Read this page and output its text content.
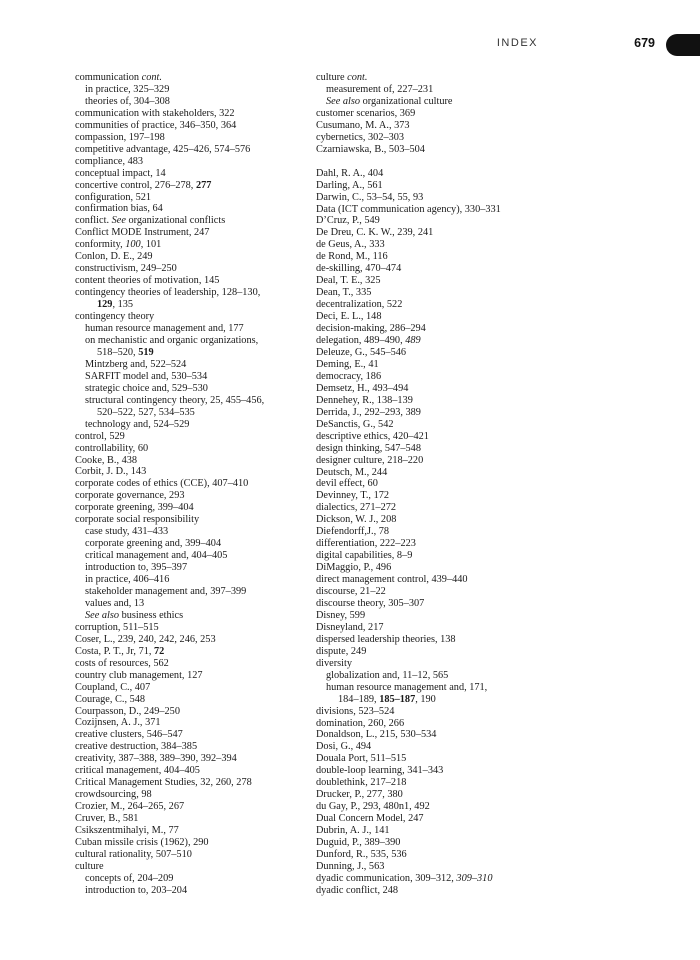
INDEX	679
communication cont.
in practice, 325–329
theories of, 304–308
communication with stakeholders, 322
communities of practice, 346–350, 364
compassion, 197–198
competitive advantage, 425–426, 574–576
compliance, 483
conceptual impact, 14
concertive control, 276–278, 277
configuration, 521
confirmation bias, 64
conflict. See organizational conflicts
Conflict MODE Instrument, 247
conformity, 100, 101
Conlon, D. E., 249
constructivism, 249–250
content theories of motivation, 145
contingency theories of leadership, 128–130,
129, 135
contingency theory
human resource management and, 177
on mechanistic and organic organizations,
518–520, 519
Mintzberg and, 522–524
SARFIT model and, 530–534
strategic choice and, 529–530
structural contingency theory, 25, 455–456,
520–522, 527, 534–535
technology and, 524–529
control, 529
controllability, 60
Cooke, B., 438
Corbit, J. D., 143
corporate codes of ethics (CCE), 407–410
corporate governance, 293
corporate greening, 399–404
corporate social responsibility
case study, 431–433
corporate greening and, 399–404
critical management and, 404–405
introduction to, 395–397
in practice, 406–416
stakeholder management and, 397–399
values and, 13
See also business ethics
corruption, 511–515
Coser, L., 239, 240, 242, 246, 253
Costa, P. T., Jr, 71, 72
costs of resources, 562
country club management, 127
Coupland, C., 407
Courage, C., 548
Courpasson, D., 249–250
Cozijnsen, A. J., 371
creative clusters, 546–547
creative destruction, 384–385
creativity, 387–388, 389–390, 392–394
critical management, 404–405
Critical Management Studies, 32, 260, 278
crowdsourcing, 98
Crozier, M., 264–265, 267
Cruver, B., 581
Csikszentmihalyi, M., 77
Cuban missile crisis (1962), 290
cultural rationality, 507–510
culture
concepts of, 204–209
introduction to, 203–204
culture cont.
measurement of, 227–231
See also organizational culture
customer scenarios, 369
Cusumano, M. A., 373
cybernetics, 302–303
Czarniawska, B., 503–504
Dahl, R. A., 404
Darling, A., 561
Darwin, C., 53–54, 55, 93
Data (ICT communication agency), 330–331
D’Cruz, P., 549
De Dreu, C. K. W., 239, 241
de Geus, A., 333
de Rond, M., 116
de-skilling, 470–474
Deal, T. E., 325
Dean, T., 335
decentralization, 522
Deci, E. L., 148
decision-making, 286–294
delegation, 489–490, 489
Deleuze, G., 545–546
Deming, E., 41
democracy, 186
Demsetz, H., 493–494
Dennehey, R., 138–139
Derrida, J., 292–293, 389
DeSanctis, G., 542
descriptive ethics, 420–421
design thinking, 547–548
designer culture, 218–220
Deutsch, M., 244
devil effect, 60
Devinney, T., 172
dialectics, 271–272
Dickson, W. J., 208
Diefendorff,J., 78
differentiation, 222–223
digital capabilities, 8–9
DiMaggio, P., 496
direct management control, 439–440
discourse, 21–22
discourse theory, 305–307
Disney, 599
Disneyland, 217
dispersed leadership theories, 138
dispute, 249
diversity
globalization and, 11–12, 565
human resource management and, 171,
184–189, 185–187, 190
divisions, 523–524
domination, 260, 266
Donaldson, L., 215, 530–534
Dosi, G., 494
Douala Port, 511–515
double-loop learning, 341–343
doublethink, 217–218
Drucker, P., 277, 380
du Gay, P., 293, 480n1, 492
Dual Concern Model, 247
Dubrin, A. J., 141
Duguid, P., 389–390
Dunford, R., 535, 536
Dunning, J., 563
dyadic communication, 309–312, 309–310
dyadic conflict, 248
